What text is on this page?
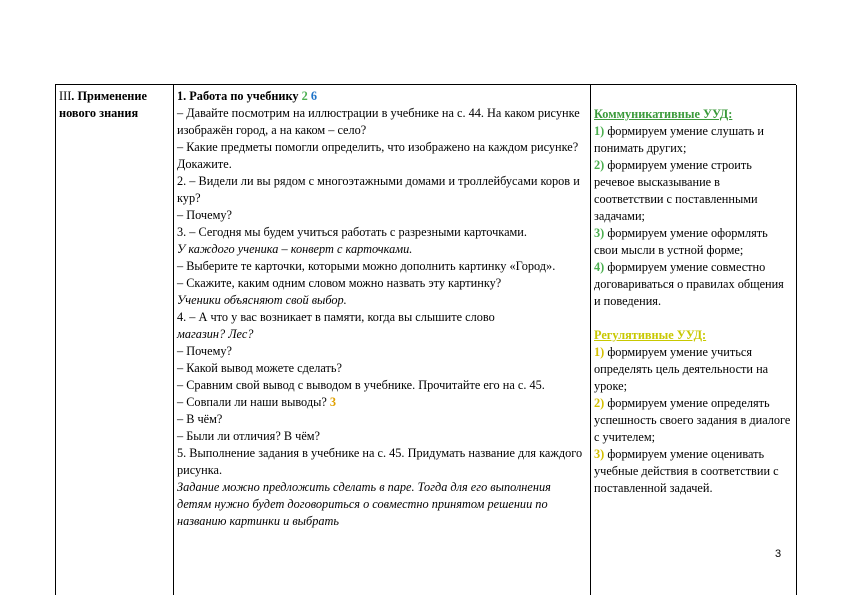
III. Применение нового знания

1. Работа по учебнику 2 6

– Давайте посмотрим на иллюстрации в учебнике на с. 44. На каком рисунке изображён город, а на каком – село?

– Какие предметы помогли определить, что изображено на каждом рисунке? Докажите.

2. – Видели ли вы рядом с многоэтажными домами и троллейбусами коров и кур?

– Почему?

3. – Сегодня мы будем учиться работать с разрезными карточками.

У каждого ученика – конверт с карточками.

– Выберите те карточки, которыми можно дополнить картинку «Город».

– Скажите, каким одним словом можно назвать эту картинку?

Ученики объясняют свой выбор.

4. – А что у вас возникает в памяти, когда вы слышите слово

магазин? Лес?

– Почему?

– Какой вывод можете сделать?

– Сравним свой вывод с выводом в учебнике. Прочитайте его на с. 45.

– Совпали ли наши выводы? 3

– В чём?

– Были ли отличия? В чём?

5. Выполнение задания в учебнике на с. 45. Придумать название для каждого рисунка.

Задание можно предложить сделать в паре. Тогда для его выполнения детям нужно будет договориться о совместно принятом решении по названию картинки и выбрать

Коммуникативные УУД:

1) формируем умение слушать и понимать других;

2) формируем умение строить речевое высказывание в соответствии с поставленными задачами;

3) формируем умение оформлять свои мысли в устной форме;

4) формируем умение совместно договариваться о правилах общения и поведения.

Регулятивные УУД:

1) формируем умение учиться определять цель деятельности на уроке;

2) формируем умение определять успешность своего задания в диалоге с учителем;

3) формируем умение оценивать учебные действия в соответствии с поставленной задачей.

3
